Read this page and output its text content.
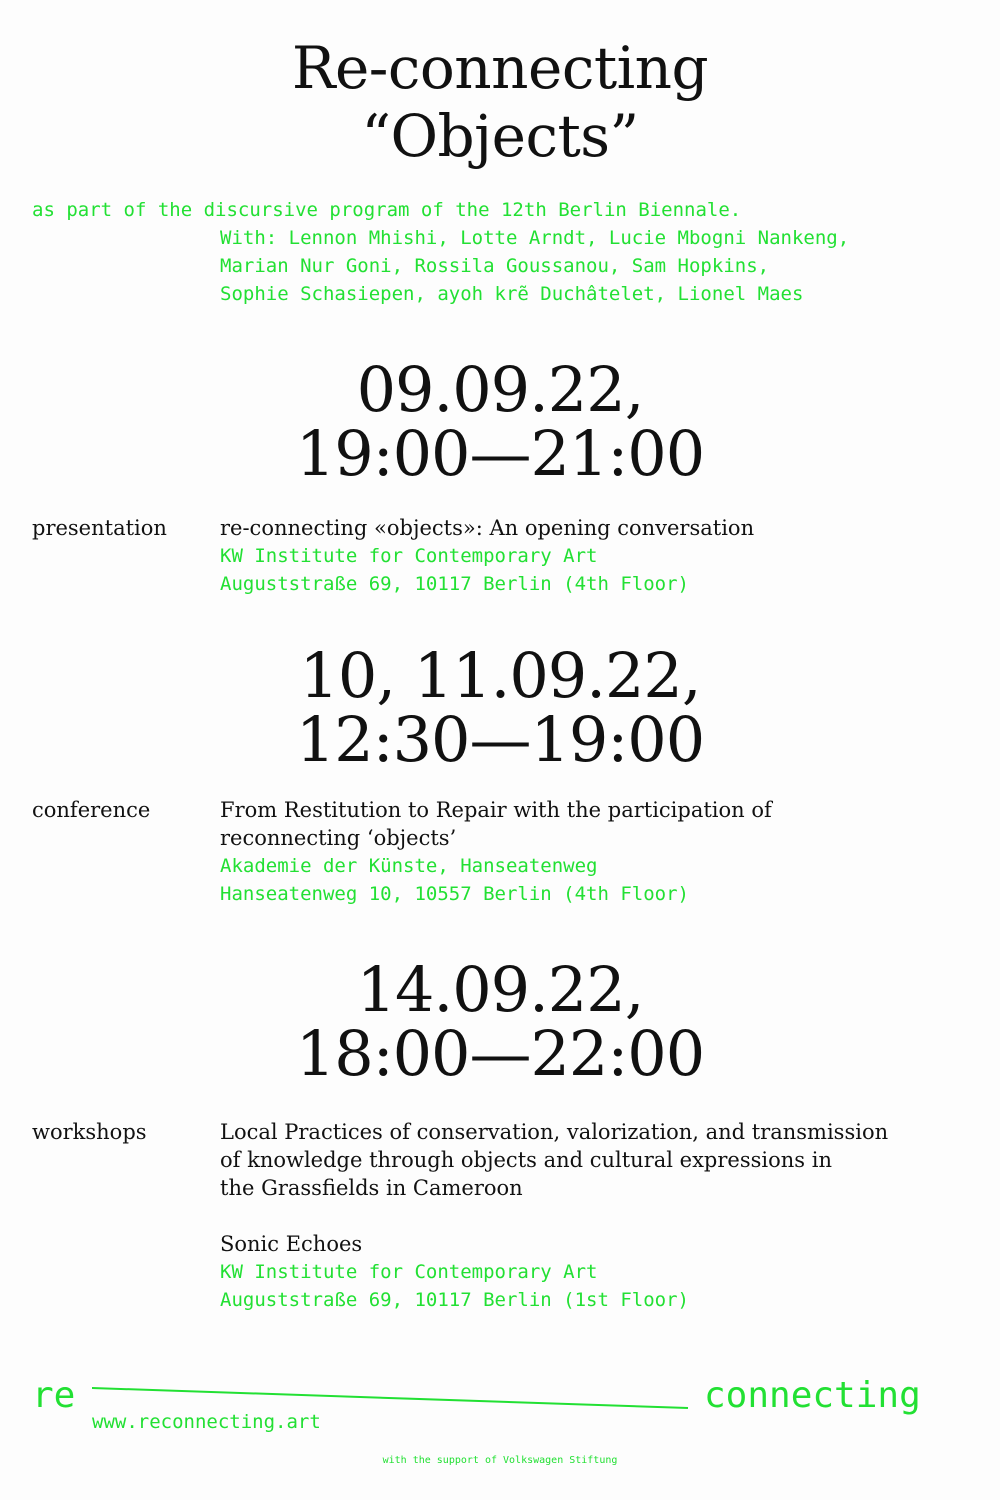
Re-connecting
“Objects”
as part of the discursive program of the 12th Berlin Biennale.
With: Lennon Mhishi, Lotte Arndt, Lucie Mbogni Nankeng,
Marian Nur Goni, Rossila Goussanou, Sam Hopkins,
Sophie Schasiepen, ayoh krẽ Duchâtelet, Lionel Maes
09.09.22,
19:00—21:00
presentation	re-connecting «objects»: An opening conversation
KW Institute for Contemporary Art
Auguststraße 69, 10117 Berlin (4th Floor)
10, 11.09.22,
12:30—19:00
conference	From Restitution to Repair with the participation of
reconnecting ‘objects’
Akademie der Künste, Hanseatenweg
Hanseatenweg 10, 10557 Berlin (4th Floor)
14.09.22,
18:00—22:00
workshops	Local Practices of conservation, valorization, and transmission
of knowledge through objects and cultural expressions in
the Grassfields in Cameroon
Sonic Echoes
KW Institute for Contemporary Art
Auguststraße 69, 10117 Berlin (1st Floor)
re	connecting
www.reconnecting.art
with the support of Volkswagen Stiftung
